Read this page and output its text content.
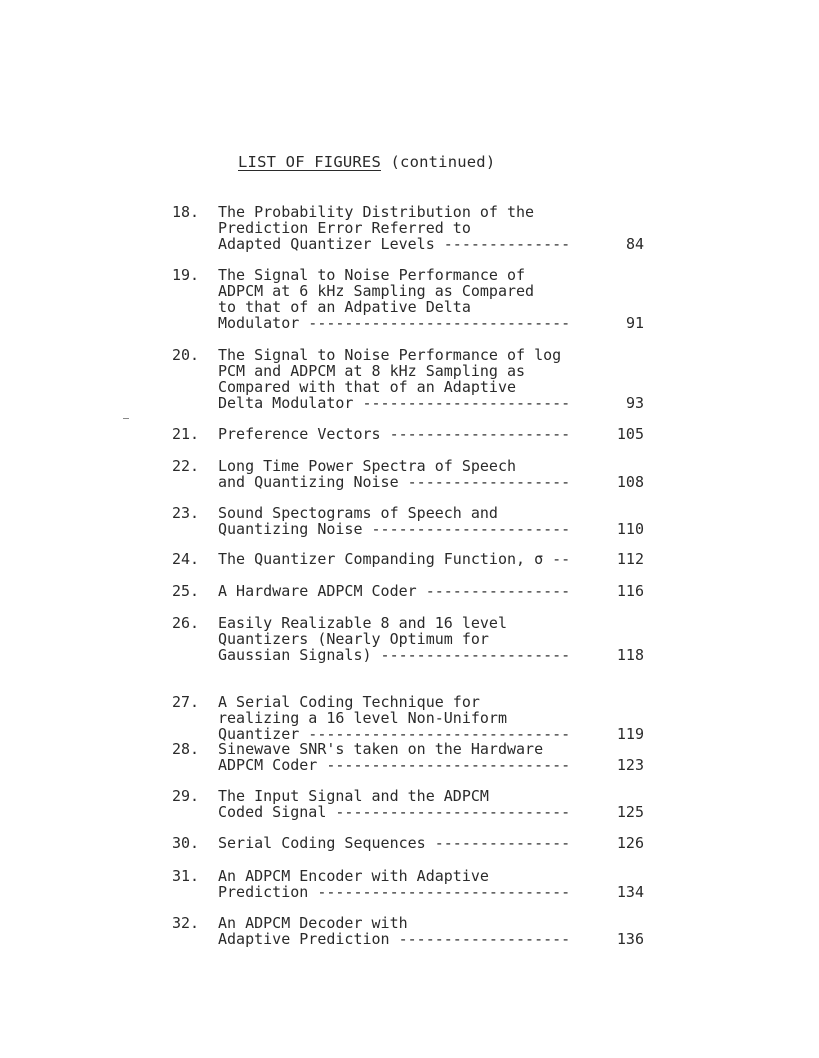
LIST OF FIGURES (continued)
18. The Probability Distribution of the
Prediction Error Referred to
Adapted Quantizer Levels --------------	84
19. The Signal to Noise Performance of
ADPCM at 6 kHz Sampling as Compared
to that of an Adpative Delta
Modulator -----------------------------	91
20. The Signal to Noise Performance of log
PCM and ADPCM at 8 kHz Sampling as
Compared with that of an Adaptive
Delta Modulator -----------------------	93
21. Preference Vectors --------------------	105
22. Long Time Power Spectra of Speech
and Quantizing Noise ------------------	108
23. Sound Spectograms of Speech and
Quantizing Noise ----------------------	110
24. The Quantizer Companding Function, σ --	112
25. A Hardware ADPCM Coder ----------------	116
26. Easily Realizable 8 and 16 level
Quantizers (Nearly Optimum for
Gaussian Signals) ---------------------	118
27. A Serial Coding Technique for
realizing a 16 level Non-Uniform
Quantizer -----------------------------	119
28. Sinewave SNR's taken on the Hardware
ADPCM Coder ---------------------------	123
29. The Input Signal and the ADPCM
Coded Signal --------------------------	125
30. Serial Coding Sequences ---------------	126
31. An ADPCM Encoder with Adaptive
Prediction ----------------------------	134
32. An ADPCM Decoder with
Adaptive Prediction -------------------	136
